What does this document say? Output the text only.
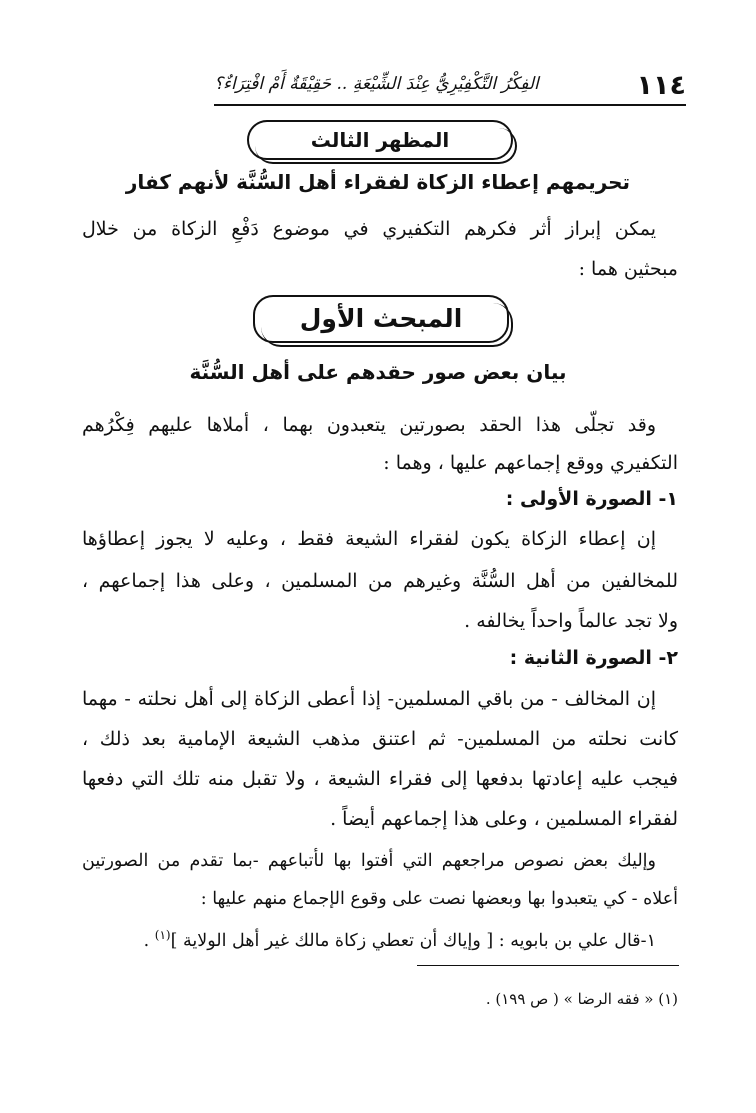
١١٤
الفِكْرُ التَّكْفِيْرِيُّ عِنْدَ الشِّيْعَةِ .. حَقِيْقَةٌ أَمْ افْتِرَاءٌ؟
المظهر الثالث
تحريمهم إعطاء الزكاة لفقراء أهل السُّنَّة لأنهم كفار
يمكن إبراز أثر فكرهم التكفيري في موضوع دَفْعِ الزكاة من خلال
مبحثين هما :
المبحث الأول
بيان بعض صور حقدهم على أهل السُّنَّة
وقد تجلّى هذا الحقد بصورتين يتعبدون بهما ، أملاها عليهم فِكْرُهم
التكفيري ووقع إجماعهم عليها ، وهما :
١- الصورة الأولى :
إن إعطاء الزكاة يكون لفقراء الشيعة فقط ، وعليه لا يجوز إعطاؤها
للمخالفين من أهل السُّنَّة وغيرهم من المسلمين ، وعلى هذا إجماعهم ،
ولا تجد عالماً واحداً يخالفه .
٢- الصورة الثانية :
إن المخالف - من باقي المسلمين- إذا أعطى الزكاة إلى أهل نحلته - مهما
كانت نحلته من المسلمين- ثم اعتنق مذهب الشيعة الإمامية بعد ذلك ،
فيجب عليه إعادتها بدفعها إلى فقراء الشيعة ، ولا تقبل منه تلك التي دفعها
لفقراء المسلمين ، وعلى هذا إجماعهم أيضاً .
وإليك بعض نصوص مراجعهم التي أفتوا بها لأتباعهم -بما تقدم من الصورتين
أعلاه - كي يتعبدوا بها وبعضها نصت على وقوع الإجماع منهم عليها :
١-قال علي بن بابويه : [ وإياك أن تعطي زكاة مالك غير أهل الولاية ]$^{(١)}$ .
(١) « فقه الرضا » ( ص ١٩٩) .
